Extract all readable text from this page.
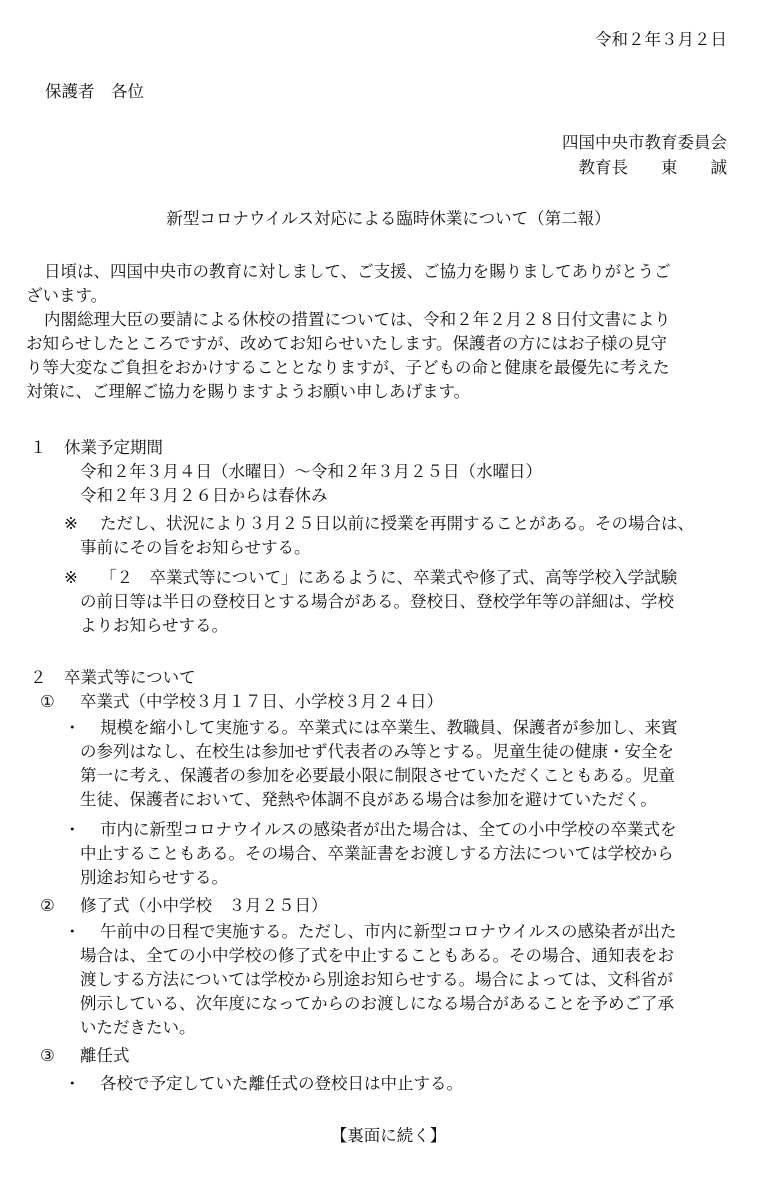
令和２年３月２日

保護者　各位

四国中央市教育委員会

教育長　　東　　誠

新型コロナウイルス対応による臨時休業について（第二報）

日頃は、四国中央市の教育に対しまして、ご支援、ご協力を賜りましてありがとうご

ざいます。

内閣総理大臣の要請による休校の措置については、令和２年２月２８日付文書により

お知らせしたところですが、改めてお知らせいたします。保護者の方にはお子様の見守

り等大変なご負担をおかけすることとなりますが、子どもの命と健康を最優先に考えた

対策に、ご理解ご協力を賜りますようお願い申しあげます。

１ 休業予定期間

令和２年３月４日（水曜日）～令和２年３月２５日（水曜日）

令和２年３月２６日からは春休み

※ ただし、状況により３月２５日以前に授業を再開することがある。その場合は、

事前にその旨をお知らせする。

※ 「２　卒業式等について」にあるように、卒業式や修了式、高等学校入学試験

の前日等は半日の登校日とする場合がある。登校日、登校学年等の詳細は、学校

よりお知らせする。

２ 卒業式等について
① 卒業式（中学校３月１７日、小学校３月２４日）
・ 規模を縮小して実施する。卒業式には卒業生、教職員、保護者が参加し、来賓

の参列はなし、在校生は参加せず代表者のみ等とする。児童生徒の健康・安全を

第一に考え、保護者の参加を必要最小限に制限させていただくこともある。児童

生徒、保護者において、発熱や体調不良がある場合は参加を避けていただく。

・ 市内に新型コロナウイルスの感染者が出た場合は、全ての小中学校の卒業式を

中止することもある。その場合、卒業証書をお渡しする方法については学校から

別途お知らせする。

② 修了式（小中学校　３月２５日）
・ 午前中の日程で実施する。ただし、市内に新型コロナウイルスの感染者が出た

場合は、全ての小中学校の修了式を中止することもある。その場合、通知表をお

渡しする方法については学校から別途お知らせする。場合によっては、文科省が

例示している、次年度になってからのお渡しになる場合があることを予めご了承

いただきたい。

③ 離任式
・ 各校で予定していた離任式の登校日は中止する。

【裏面に続く】
